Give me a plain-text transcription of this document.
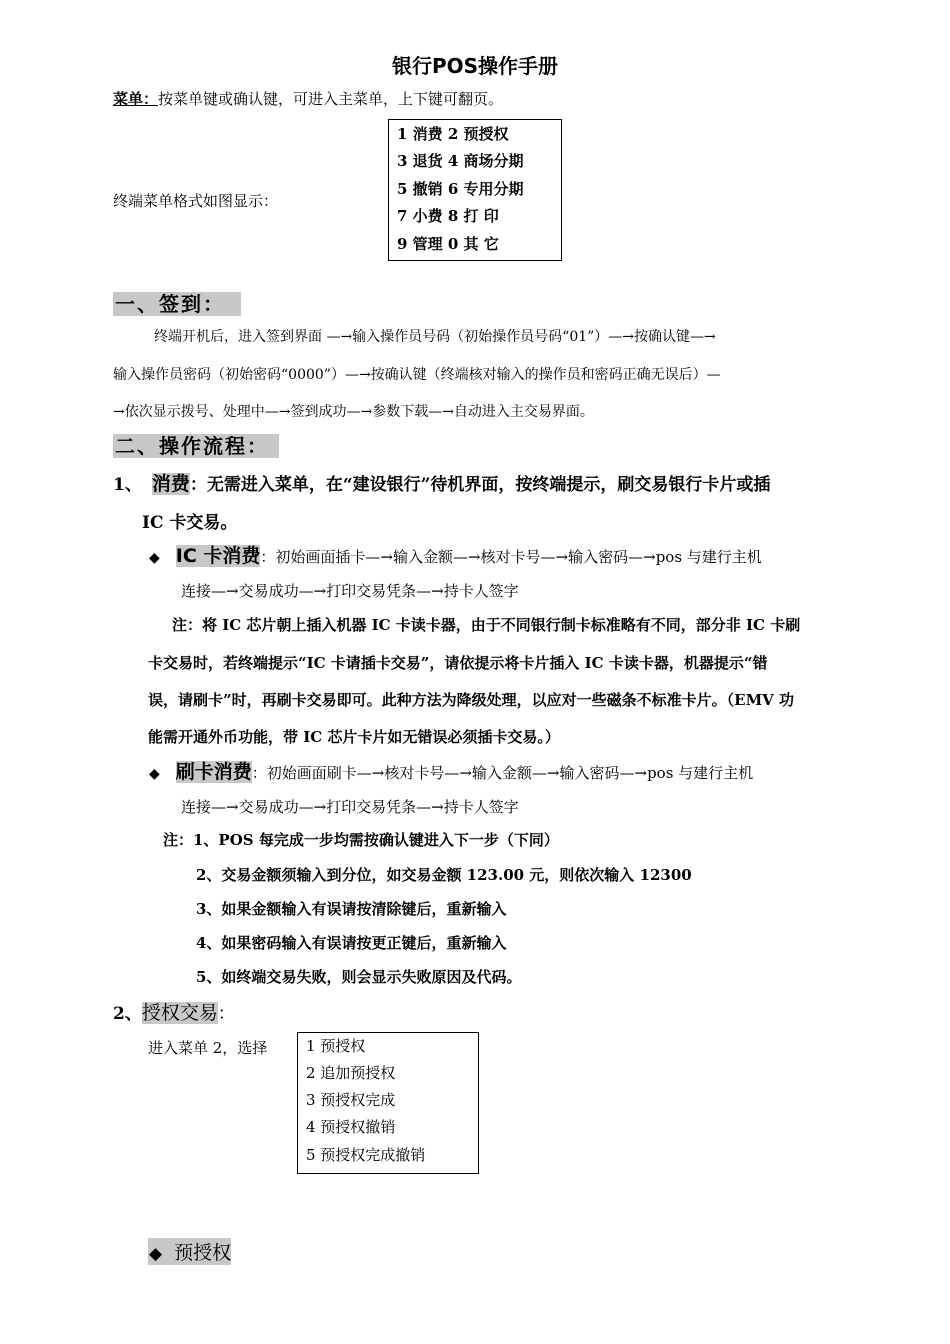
银行POS操作手册
菜单：按菜单键或确认键，可进入主菜单，上下键可翻页。
终端菜单格式如图显示：
1 消费 2 预授权
3 退货 4 商场分期
5 撤销 6 专用分期
7 小费 8 打 印
9 管理 0 其 它
一、签到：
终端开机后，进入签到界面 —→输入操作员号码（初始操作员号码“01”）—→按确认键—→
输入操作员密码（初始密码“0000”）—→按确认键（终端核对输入的操作员和密码正确无误后）—
→依次显示拨号、处理中—→签到成功—→参数下载—→自动进入主交易界面。
二、操作流程：
1、 消费：无需进入菜单，在“建设银行”待机界面，按终端提示，刷交易银行卡片或插
IC 卡交易。
◆ IC 卡消费：初始画面插卡—→输入金额—→核对卡号—→输入密码—→pos 与建行主机
连接—→交易成功—→打印交易凭条—→持卡人签字
注：将 IC 芯片朝上插入机器 IC 卡读卡器，由于不同银行制卡标准略有不同，部分非 IC 卡刷
卡交易时，若终端提示“IC 卡请插卡交易”，请依提示将卡片插入 IC 卡读卡器，机器提示“错
误，请刷卡”时，再刷卡交易即可。此种方法为降级处理，以应对一些磁条不标准卡片。（EMV 功
能需开通外币功能，带 IC 芯片卡片如无错误必须插卡交易。）
◆ 刷卡消费：初始画面刷卡—→核对卡号—→输入金额—→输入密码—→pos 与建行主机
连接—→交易成功—→打印交易凭条—→持卡人签字
注：1、POS 每完成一步均需按确认键进入下一步（下同）
2、交易金额须输入到分位，如交易金额 123.00 元，则依次输入 12300
3、如果金额输入有误请按清除键后，重新输入
4、如果密码输入有误请按更正键后，重新输入
5、如终端交易失败，则会显示失败原因及代码。
2、授权交易：
进入菜单 2，选择	1 预授权
2 追加预授权
3 预授权完成
4 预授权撤销
5 预授权完成撤销
◆ 预授权
